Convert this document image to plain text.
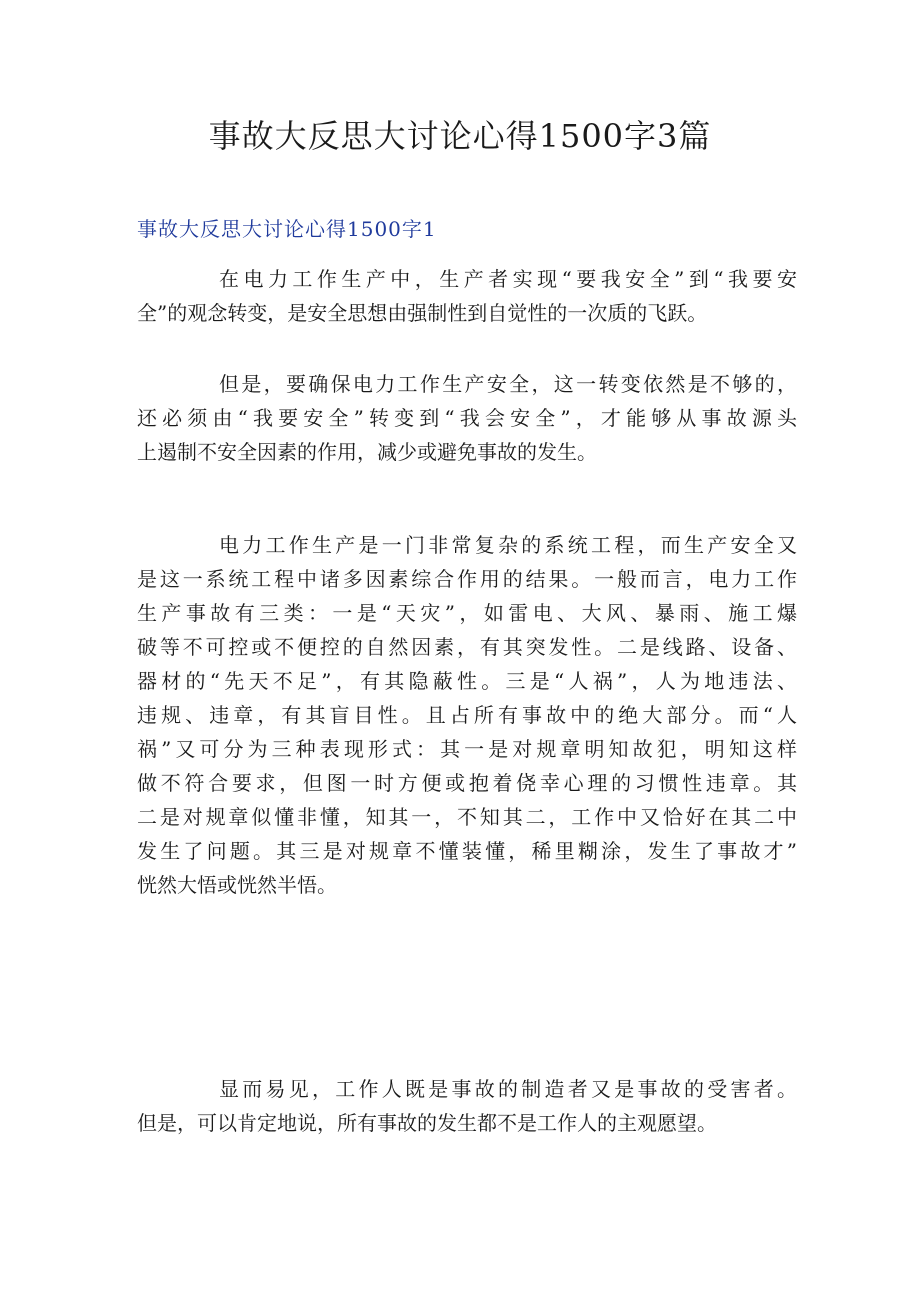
事故大反思大讨论心得1500字3篇
事故大反思大讨论心得1500字1

在电力工作生产中，生产者实现“要我安全”到“我要安
全”的观念转变，是安全思想由强制性到自觉性的一次质的飞跃。

但是，要确保电力工作生产安全，这一转变依然是不够的，
还必须由“我要安全”转变到“我会安全”，才能够从事故源头
上遏制不安全因素的作用，减少或避免事故的发生。

电力工作生产是一门非常复杂的系统工程，而生产安全又
是这一系统工程中诸多因素综合作用的结果。一般而言，电力工作
生产事故有三类：一是“天灾”，如雷电、大风、暴雨、施工爆
破等不可控或不便控的自然因素，有其突发性。二是线路、设备、
器材的“先天不足”，有其隐蔽性。三是“人祸”，人为地违法、
违规、违章，有其盲目性。且占所有事故中的绝大部分。而“人
祸”又可分为三种表现形式：其一是对规章明知故犯，明知这样
做不符合要求，但图一时方便或抱着侥幸心理的习惯性违章。其
二是对规章似懂非懂，知其一，不知其二，工作中又恰好在其二中
发生了问题。其三是对规章不懂装懂，稀里糊涂，发生了事故才”
恍然大悟或恍然半悟。

显而易见，工作人既是事故的制造者又是事故的受害者。
但是，可以肯定地说，所有事故的发生都不是工作人的主观愿望。
